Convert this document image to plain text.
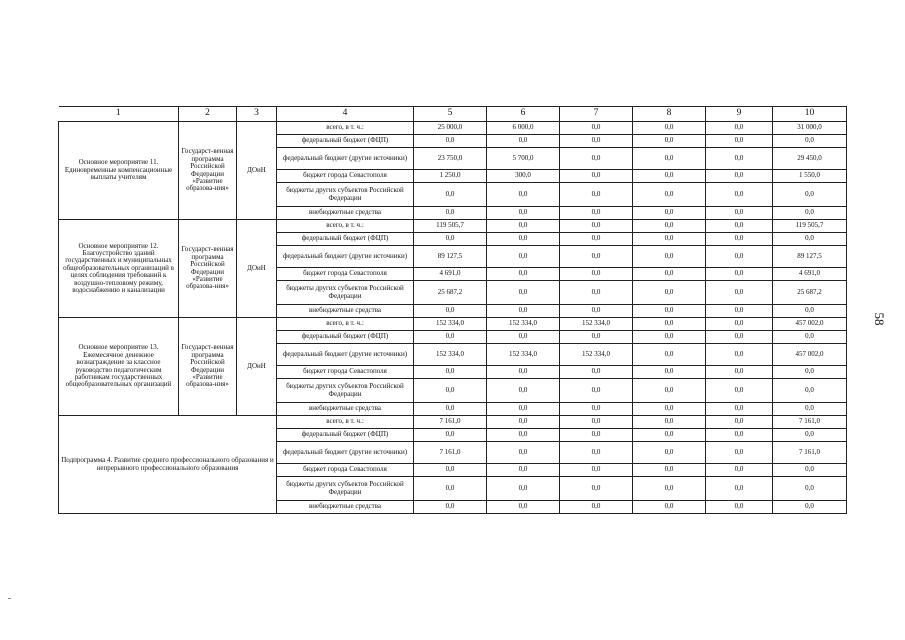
58
1	2	3	4	5	6	7	8	9	10
Основное мероприятие 11. Единовременные компенсационные выплаты учителям	Государст-венная программа Российской Федерации «Развитие образова-ния»	ДОиН	всего, в т. ч.:	25 000,0	6 000,0	0,0	0,0	0,0	31 000,0
			федеральный бюджет (ФЦП)	0,0	0,0	0,0	0,0	0,0	0,0
			федеральный бюджет (другие источники)	23 750,0	5 700,0	0,0	0,0	0,0	29 450,0
			бюджет города Севастополя	1 250,0	300,0	0,0	0,0	0,0	1 550,0
			бюджеты других субъектов Российской Федерации	0,0	0,0	0,0	0,0	0,0	0,0
			внебюджетные средства	0,0	0,0	0,0	0,0	0,0	0,0
Основное мероприятие 12. Благоустройство зданий государственных и муниципальных общеобразовательных организаций в целях соблюдения требований к воздушно-тепловому режиму, водоснабжению и канализации	Государст-венная программа Российской Федерации «Развитие образова-ния»	ДОиН	всего, в т. ч.:	119 505,7	0,0	0,0	0,0	0,0	119 505,7
			федеральный бюджет (ФЦП)	0,0	0,0	0,0	0,0	0,0	0,0
			федеральный бюджет (другие источники)	89 127,5	0,0	0,0	0,0	0,0	89 127,5
			бюджет города Севастополя	4 691,0	0,0	0,0	0,0	0,0	4 691,0
			бюджеты других субъектов Российской Федерации	25 687,2	0,0	0,0	0,0	0,0	25 687,2
			внебюджетные средства	0,0	0,0	0,0	0,0	0,0	0,0
Основное мероприятие 13. Ежемесячное денежное вознаграждение за классное руководство педагогическим работникам государственных общеобразовательных организаций	Государст-венная программа Российской Федерации «Развитие образова-ния»	ДОиН	всего, в т. ч.:	152 334,0	152 334,0	152 334,0	0,0	0,0	457 002,0
			федеральный бюджет (ФЦП)	0,0	0,0	0,0	0,0	0,0	0,0
			федеральный бюджет (другие источники)	152 334,0	152 334,0	152 334,0	0,0	0,0	457 002,0
			бюджет города Севастополя	0,0	0,0	0,0	0,0	0,0	0,0
			бюджеты других субъектов Российской Федерации	0,0	0,0	0,0	0,0	0,0	0,0
			внебюджетные средства	0,0	0,0	0,0	0,0	0,0	0,0
Подпрограмма 4. Развитие среднего профессионального образования и непрерывного профессионального образования			всего, в т. ч.:	7 161,0	0,0	0,0	0,0	0,0	7 161,0
			федеральный бюджет (ФЦП)	0,0	0,0	0,0	0,0	0,0	0,0
			федеральный бюджет (другие источники)	7 161,0	0,0	0,0	0,0	0,0	7 161,0
			бюджет города Севастополя	0,0	0,0	0,0	0,0	0,0	0,0
			бюджеты других субъектов Российской Федерации	0,0	0,0	0,0	0,0	0,0	0,0
			внебюджетные средства	0,0	0,0	0,0	0,0	0,0	0,0
